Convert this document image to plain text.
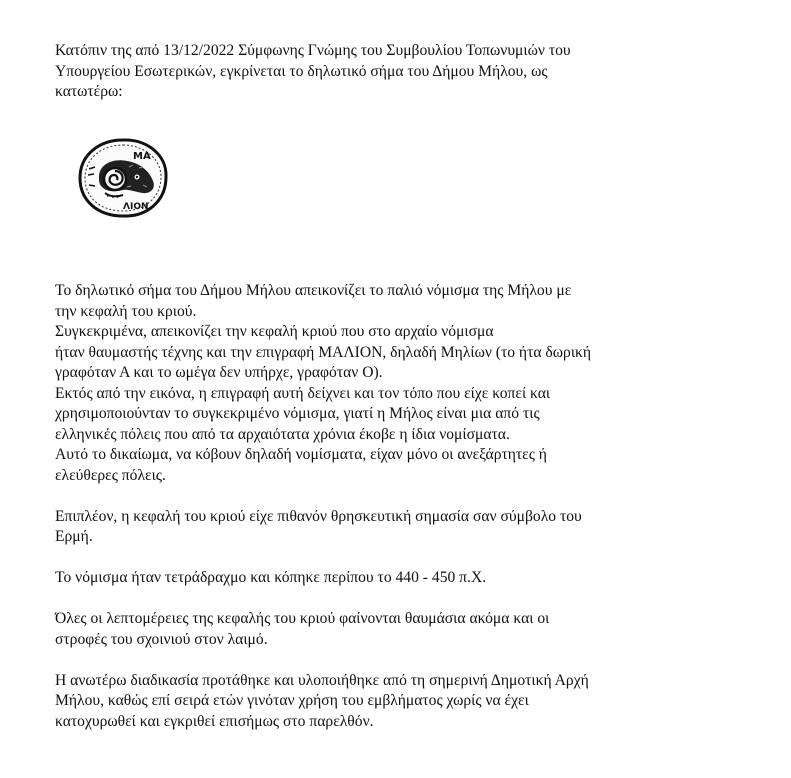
Κατόπιν της από 13/12/2022 Σύμφωνης Γνώμης του Συμβουλίου Τοπωνυμιών του
Υπουργείου Εσωτερικών, εγκρίνεται το δηλωτικό σήμα του Δήμου Μήλου, ως
κατωτέρω:
ΜΑ
ΛΙΟΝ
Το δηλωτικό σήμα του Δήμου Μήλου απεικονίζει το παλιό νόμισμα της Μήλου με
την κεφαλή του κριού.
Συγκεκριμένα, απεικονίζει την κεφαλή κριού που στο αρχαίο νόμισμα
ήταν θαυμαστής τέχνης και την επιγραφή ΜΑΛΙΟΝ, δηλαδή Μηλίων (το ήτα δωρική
γραφόταν Α και το ωμέγα δεν υπήρχε, γραφόταν Ο).
Εκτός από την εικόνα, η επιγραφή αυτή δείχνει και τον τόπο που είχε κοπεί και
χρησιμοποιούνταν το συγκεκριμένο νόμισμα, γιατί η Μήλος είναι μια από τις
ελληνικές πόλεις που από τα αρχαιότατα χρόνια έκοβε η ίδια νομίσματα.
Αυτό το δικαίωμα, να κόβουν δηλαδή νομίσματα, είχαν μόνο οι ανεξάρτητες ή
ελεύθερες πόλεις.
Επιπλέον, η κεφαλή του κριού είχε πιθανόν θρησκευτική σημασία σαν σύμβολο του
Ερμή.
Το νόμισμα ήταν τετράδραχμο και κόπηκε περίπου το 440 - 450 π.Χ.
Όλες οι λεπτομέρειες της κεφαλής του κριού φαίνονται θαυμάσια ακόμα και οι
στροφές του σχοινιού στον λαιμό.
Η ανωτέρω διαδικασία προτάθηκε και υλοποιήθηκε από τη σημερινή Δημοτική Αρχή
Μήλου, καθώς επί σειρά ετών γινόταν χρήση του εμβλήματος χωρίς να έχει
κατοχυρωθεί και εγκριθεί επισήμως στο παρελθόν.
